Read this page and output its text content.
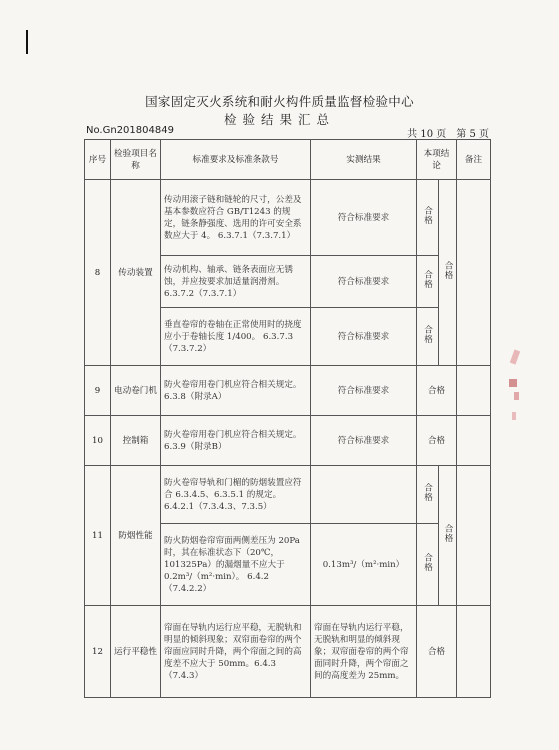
国家固定灭火系统和耐火构件质量监督检验中心
检验结果汇总
No.Gn201804849	共 10 页 第 5 页
序号	检验项目名称	标准要求及标准条款号	实测结果	本项结论		备注
8	传动装置	传动用滚子链和链轮的尺寸，公差及基本参数应符合 GB/T1243 的规定，链条静强度、选用的许可安全系数应大于 4。 6.3.7.1（7.3.7.1）	符合标准要求	合格	合格	
		传动机构、轴承、链条表面应无锈蚀，并应按要求加适量润滑剂。6.3.7.2（7.3.7.1）	符合标准要求	合格		
		垂直卷帘的卷轴在正常使用时的挠度应小于卷轴长度 1/400。 6.3.7.3（7.3.7.2）	符合标准要求	合格		
9	电动卷门机	防火卷帘用卷门机应符合相关规定。6.3.8（附录A）	符合标准要求	合格		
10	控制箱	防火卷帘用卷门机应符合相关规定。6.3.9（附录B）	符合标准要求	合格		
11	防烟性能	防火卷帘导轨和门楣的防烟装置应符合 6.3.4.5、6.3.5.1 的规定。6.4.2.1（7.3.4.3、7.3.5）		合格	合格	
		防火防烟卷帘帘面两侧差压为 20Pa 时，其在标准状态下（20℃，101325Pa）的漏烟量不应大于 0.2m³/（m²·min）。 6.4.2（7.4.2.2）	0.13m³/（m²·min）	合格		
12	运行平稳性	帘面在导轨内运行应平稳，无脱轨和明显的倾斜现象；双帘面卷帘的两个帘面应同时升降，两个帘面之间的高度差不应大于 50mm。6.4.3（7.4.3）	帘面在导轨内运行平稳，无脱轨和明显的倾斜现象；双帘面卷帘的两个帘面同时升降，两个帘面之间的高度差为 25mm。	合格		
